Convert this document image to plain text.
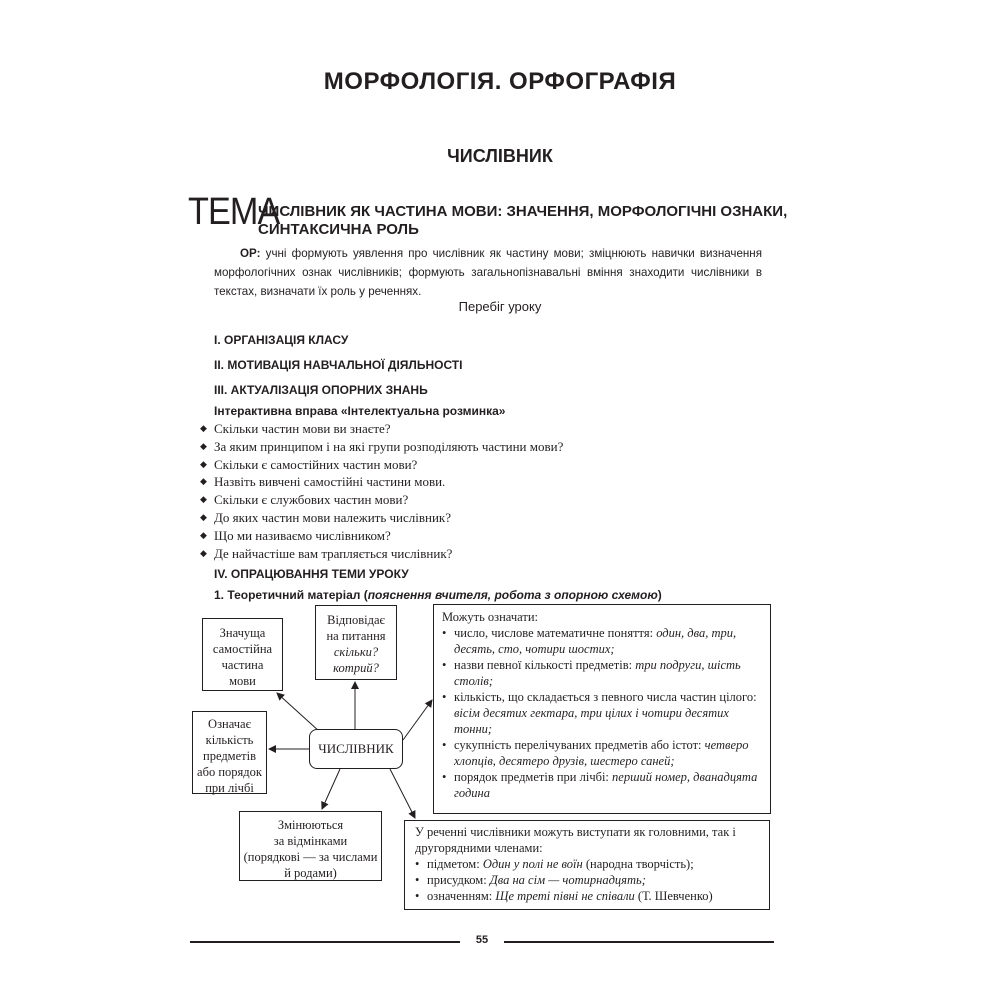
МОРФОЛОГІЯ. ОРФОГРАФІЯ
ЧИСЛІВНИК
ТЕМА
ЧИСЛІВНИК ЯК ЧАСТИНА МОВИ: ЗНАЧЕННЯ, МОРФОЛОГІЧНІ ОЗНАКИ,
СИНТАКСИЧНА РОЛЬ
ОР: учні формують уявлення про числівник як частину мови; зміцнюють навички визначення морфологічних ознак числівників; формують загальнопізнавальні вміння знаходити числівники в текстах, визначати їх роль у реченнях.
Перебіг уроку
І. ОРГАНІЗАЦІЯ КЛАСУ
ІІ. МОТИВАЦІЯ НАВЧАЛЬНОЇ ДІЯЛЬНОСТІ
ІІІ. АКТУАЛІЗАЦІЯ ОПОРНИХ ЗНАНЬ
Інтерактивна вправа «Інтелектуальна розминка»
◆ Скільки частин мови ви знаєте?
◆ За яким принципом і на які групи розподіляють частини мови?
◆ Скільки є самостійних частин мови?
◆ Назвіть вивчені самостійні частини мови.
◆ Скільки є службових частин мови?
◆ До яких частин мови належить числівник?
◆ Що ми називаємо числівником?
◆ Де найчастіше вам трапляється числівник?
IV. ОПРАЦЮВАННЯ ТЕМИ УРОКУ
1. Теоретичний матеріал (пояснення вчителя, робота з опорною схемою)
Значуща
самостійна
частина
мови
Відповідає
на питання
скільки?
котрий?
Означає
кількість
предметів
або порядок
при лічбі
ЧИСЛІВНИК
Змінюються
за відмінками
(порядкові — за числами
й родами)
Можуть означати:
• число, числове математичне поняття: один, два, три, десять, сто, чотири шостих;
• назви певної кількості предметів: три подруги, шість столів;
• кількість, що складається з певного числа частин цілого: вісім десятих гектара, три цілих і чотири десятих тонни;
• сукупність перелічуваних предметів або істот: четверо хлопців, десятеро друзів, шестеро саней;
• порядок предметів при лічбі: перший номер, дванадцята година
У реченні числівники можуть виступати як головними, так і другорядними членами:
• підметом: Один у полі не воїн (народна творчість);
• присудком: Два на сім — чотирнадцять;
• означенням: Ще треті півні не співали (Т. Шевченко)
55
